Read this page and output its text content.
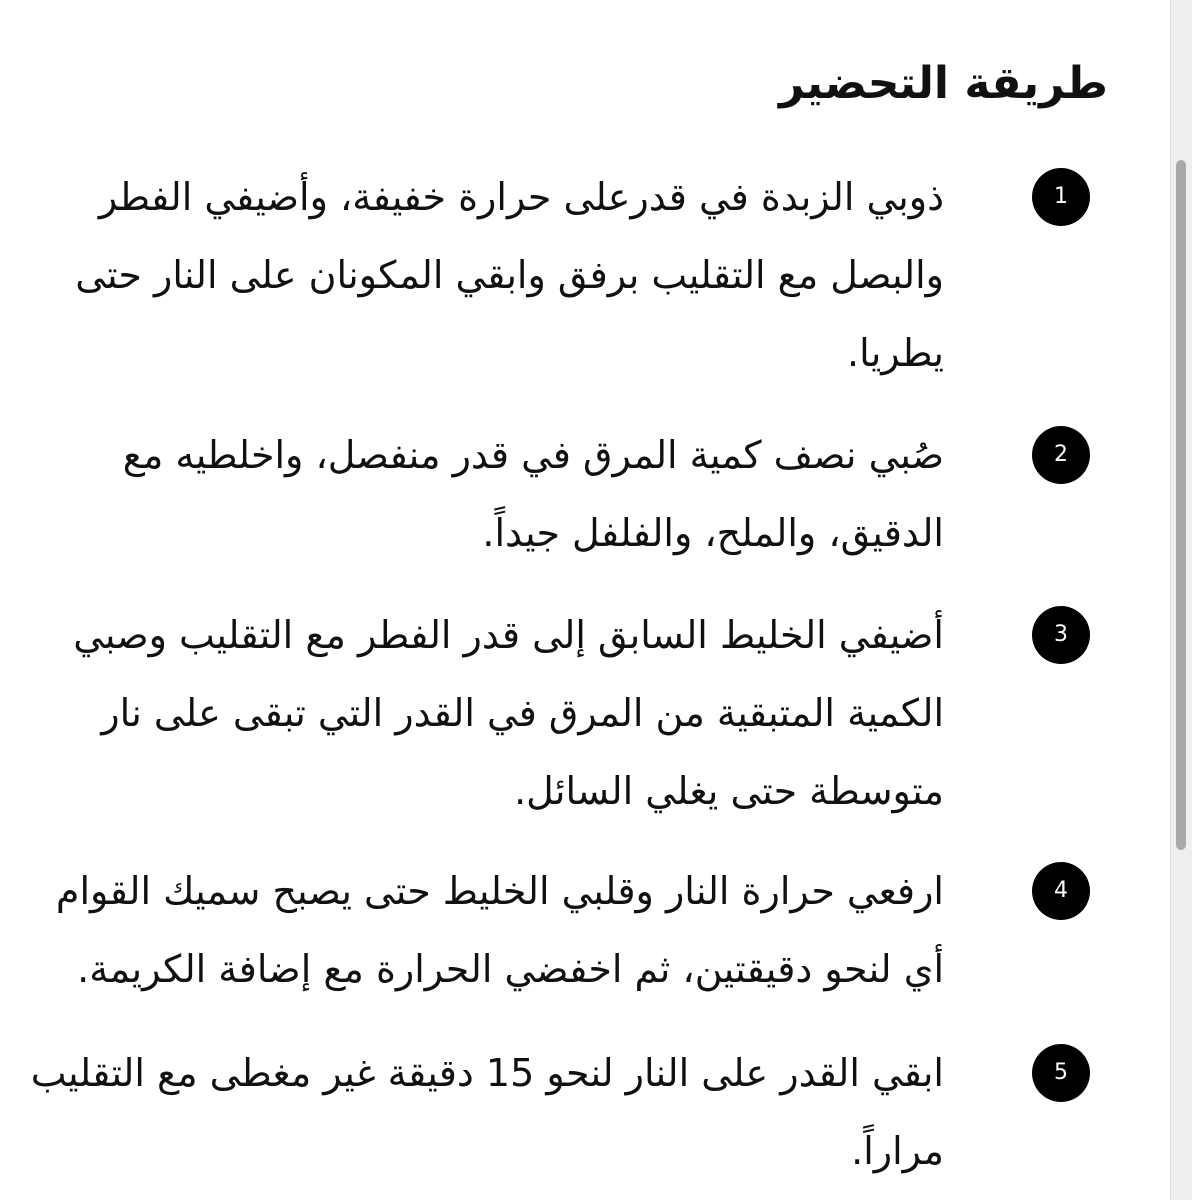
طريقة التحضير
1

ذوبي الزبدة في قدرعلى حرارة خفيفة، وأضيفي الفطر والبصل مع التقليب برفق وابقي المكونان على النار حتى يطريا.

2

صُبي نصف كمية المرق في قدر منفصل، واخلطيه مع الدقيق، والملح، والفلفل جيداً.

3

أضيفي الخليط السابق إلى قدر الفطر مع التقليب وصبي الكمية المتبقية من المرق في القدر التي تبقى على نار متوسطة حتى يغلي السائل.

4

ارفعي حرارة النار وقلبي الخليط حتى يصبح سميك القوام أي لنحو دقيقتين، ثم اخفضي الحرارة مع إضافة الكريمة.

5

ابقي القدر على النار لنحو 15 دقيقة غير مغطى مع التقليب مراراً.
